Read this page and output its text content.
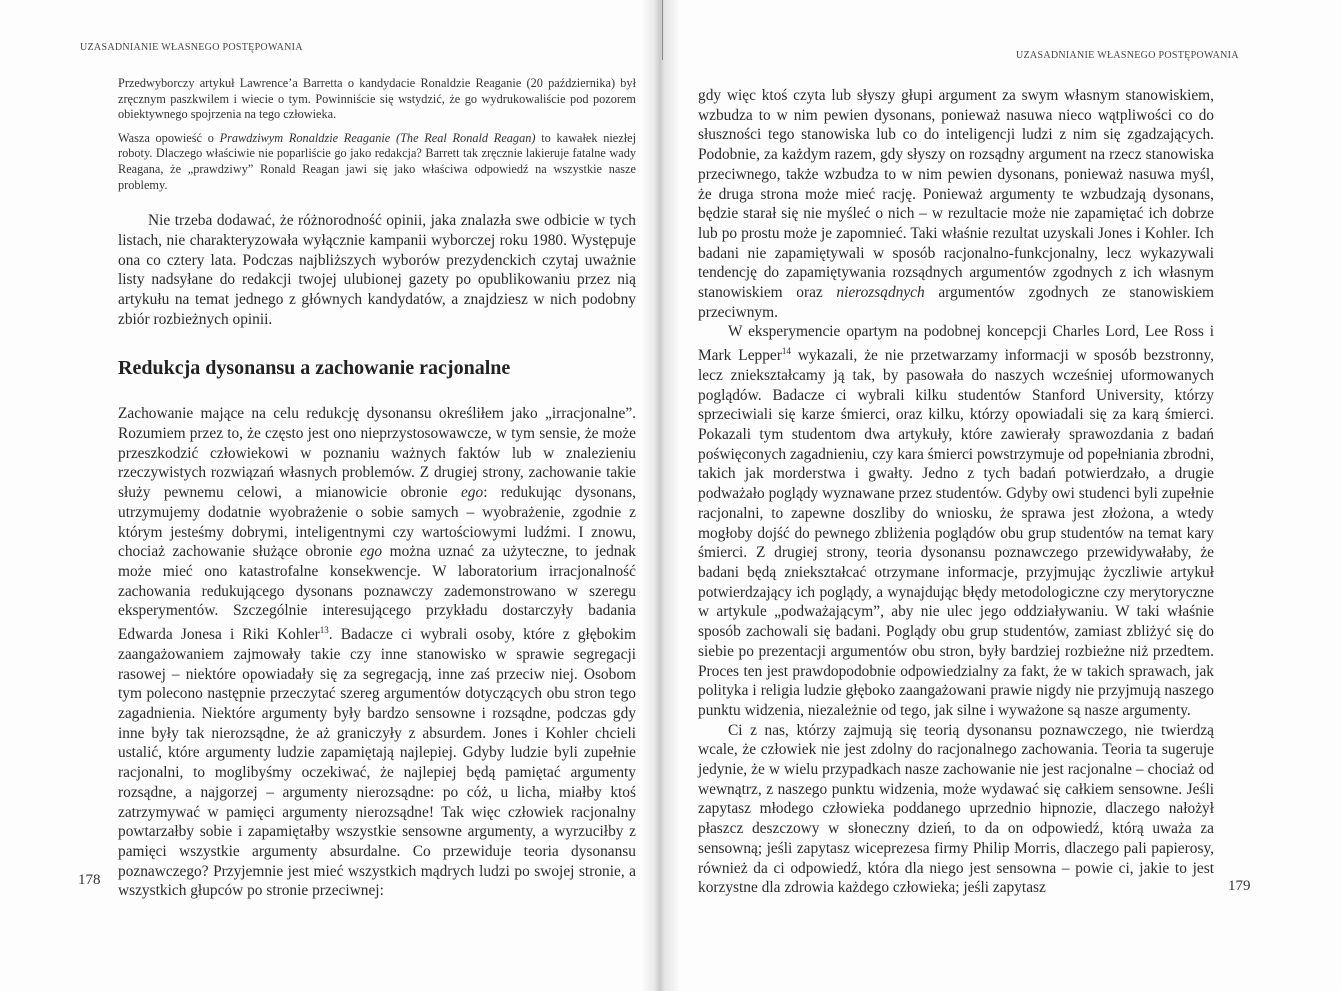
UZASADNIANIE WŁASNEGO POSTĘPOWANIA

Przedwyborczy artykuł Lawrence’a Barretta o kandydacie Ronaldzie Reaganie (20 października) był zręcznym paszkwilem i wiecie o tym. Powinniście się wstydzić, że go wydrukowaliście pod pozorem obiektywnego spojrzenia na tego człowieka.

Wasza opowieść o Prawdziwym Ronaldzie Reaganie (The Real Ronald Reagan) to kawałek niezłej roboty. Dlaczego właściwie nie poparliście go jako redakcja? Barrett tak zręcznie lakieruje fatalne wady Reagana, że „prawdziwy” Ronald Reagan jawi się jako właściwa odpowiedź na wszystkie nasze problemy.

Nie trzeba dodawać, że różnorodność opinii, jaka znalazła swe odbicie w tych listach, nie charakteryzowała wyłącznie kampanii wyborczej roku 1980. Występuje ona co cztery lata. Podczas najbliższych wyborów prezydenckich czytaj uważnie listy nadsyłane do redakcji twojej ulubionej gazety po opublikowaniu przez nią artykułu na temat jednego z głównych kandydatów, a znajdziesz w nich podobny zbiór rozbieżnych opinii.

Redukcja dysonansu a zachowanie racjonalne

Zachowanie mające na celu redukcję dysonansu określiłem jako „irracjonalne”. Rozumiem przez to, że często jest ono nieprzystosowawcze, w tym sensie, że może przeszkodzić człowiekowi w poznaniu ważnych faktów lub w znalezieniu rzeczywistych rozwiązań własnych problemów. Z drugiej strony, zachowanie takie służy pewnemu celowi, a mianowicie obronie ego: redukując dysonans, utrzymujemy dodatnie wyobrażenie o sobie samych – wyobrażenie, zgodnie z którym jesteśmy dobrymi, inteligentnymi czy wartościowymi ludźmi. I znowu, chociaż zachowanie służące obronie ego można uznać za użyteczne, to jednak może mieć ono katastrofalne konsekwencje. W laboratorium irracjonalność zachowania redukującego dysonans poznawczy zademonstrowano w szeregu eksperymentów. Szczególnie interesującego przykładu dostarczyły badania Edwarda Jonesa i Riki Kohler$^{13}$. Badacze ci wybrali osoby, które z głębokim zaangażowaniem zajmowały takie czy inne stanowisko w sprawie segregacji rasowej – niektóre opowiadały się za segregacją, inne zaś przeciw niej. Osobom tym polecono następnie przeczytać szereg argumentów dotyczących obu stron tego zagadnienia. Niektóre argumenty były bardzo sensowne i rozsądne, podczas gdy inne były tak nierozsądne, że aż graniczyły z absurdem. Jones i Kohler chcieli ustalić, które argumenty ludzie zapamiętają najlepiej. Gdyby ludzie byli zupełnie racjonalni, to moglibyśmy oczekiwać, że najlepiej będą pamiętać argumenty rozsądne, a najgorzej – argumenty nierozsądne: po cóż, u licha, miałby ktoś zatrzymywać w pamięci argumenty nierozsądne! Tak więc człowiek racjonalny powtarzałby sobie i zapamiętałby wszystkie sensowne argumenty, a wyrzuciłby z pamięci wszystkie argumenty absurdalne. Co przewiduje teoria dysonansu poznawczego? Przyjemnie jest mieć wszystkich mądrych ludzi po swojej stronie, a wszystkich głupców po stronie przeciwnej:

178
UZASADNIANIE WŁASNEGO POSTĘPOWANIA

gdy więc ktoś czyta lub słyszy głupi argument za swym własnym stanowiskiem, wzbudza to w nim pewien dysonans, ponieważ nasuwa nieco wątpliwości co do słuszności tego stanowiska lub co do inteligencji ludzi z nim się zgadzających. Podobnie, za każdym razem, gdy słyszy on rozsądny argument na rzecz stanowiska przeciwnego, także wzbudza to w nim pewien dysonans, ponieważ nasuwa myśl, że druga strona może mieć rację. Ponieważ argumenty te wzbudzają dysonans, będzie starał się nie myśleć o nich – w rezultacie może nie zapamiętać ich dobrze lub po prostu może je zapomnieć. Taki właśnie rezultat uzyskali Jones i Kohler. Ich badani nie zapamiętywali w sposób racjonalno-funkcjonalny, lecz wykazywali tendencję do zapamiętywania rozsądnych argumentów zgodnych z ich własnym stanowiskiem oraz nierozsądnych argumentów zgodnych ze stanowiskiem przeciwnym.

W eksperymencie opartym na podobnej koncepcji Charles Lord, Lee Ross i Mark Lepper$^{14}$ wykazali, że nie przetwarzamy informacji w sposób bezstronny, lecz zniekształcamy ją tak, by pasowała do naszych wcześniej uformowanych poglądów. Badacze ci wybrali kilku studentów Stanford University, którzy sprzeciwiali się karze śmierci, oraz kilku, którzy opowiadali się za karą śmierci. Pokazali tym studentom dwa artykuły, które zawierały sprawozdania z badań poświęconych zagadnieniu, czy kara śmierci powstrzymuje od popełniania zbrodni, takich jak morderstwa i gwałty. Jedno z tych badań potwierdzało, a drugie podważało poglądy wyznawane przez studentów. Gdyby owi studenci byli zupełnie racjonalni, to zapewne doszliby do wniosku, że sprawa jest złożona, a wtedy mogłoby dojść do pewnego zbliżenia poglądów obu grup studentów na temat kary śmierci. Z drugiej strony, teoria dysonansu poznawczego przewidywałaby, że badani będą zniekształcać otrzymane informacje, przyjmując życzliwie artykuł potwierdzający ich poglądy, a wynajdując błędy metodologiczne czy merytoryczne w artykule „podważającym”, aby nie ulec jego oddziaływaniu. W taki właśnie sposób zachowali się badani. Poglądy obu grup studentów, zamiast zbliżyć się do siebie po prezentacji argumentów obu stron, były bardziej rozbieżne niż przedtem. Proces ten jest prawdopodobnie odpowiedzialny za fakt, że w takich sprawach, jak polityka i religia ludzie głęboko zaangażowani prawie nigdy nie przyjmują naszego punktu widzenia, niezależnie od tego, jak silne i wyważone są nasze argumenty.

Ci z nas, którzy zajmują się teorią dysonansu poznawczego, nie twierdzą wcale, że człowiek nie jest zdolny do racjonalnego zachowania. Teoria ta sugeruje jedynie, że w wielu przypadkach nasze zachowanie nie jest racjonalne – chociaż od wewnątrz, z naszego punktu widzenia, może wydawać się całkiem sensowne. Jeśli zapytasz młodego człowieka poddanego uprzednio hipnozie, dlaczego nałożył płaszcz deszczowy w słoneczny dzień, to da on odpowiedź, którą uważa za sensowną; jeśli zapytasz wiceprezesa firmy Philip Morris, dlaczego pali papierosy, również da ci odpowiedź, która dla niego jest sensowna – powie ci, jakie to jest korzystne dla zdrowia każdego człowieka; jeśli zapytasz	179
